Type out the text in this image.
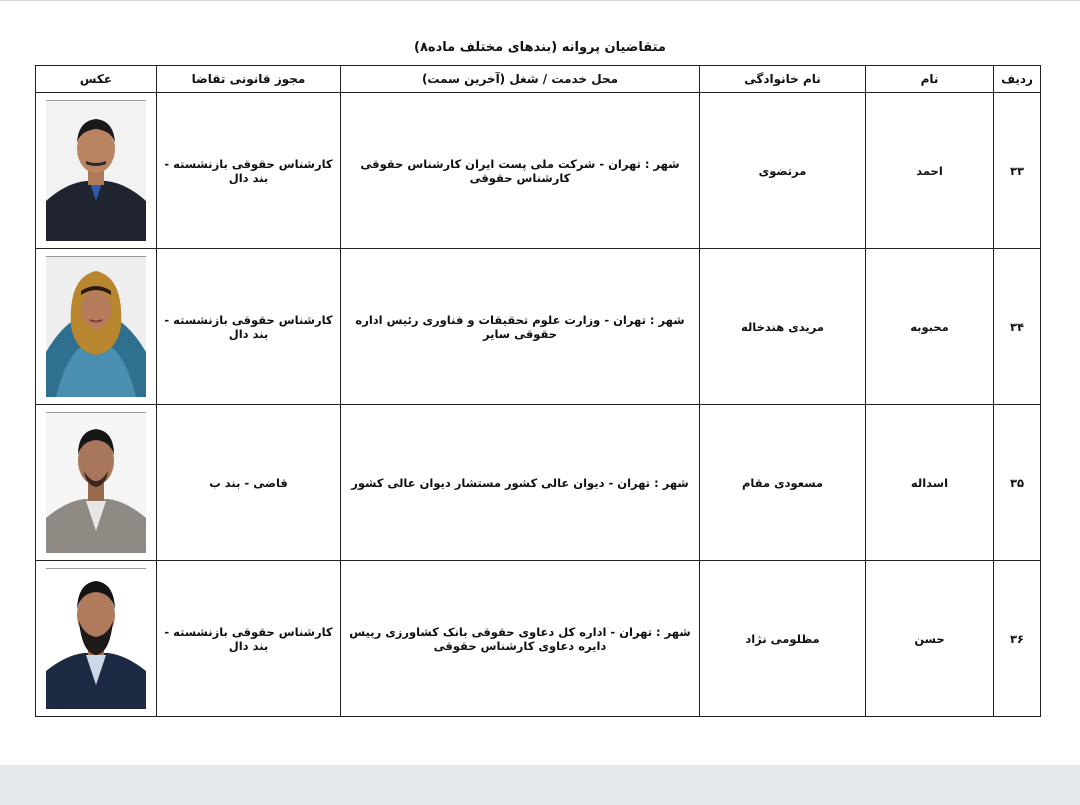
متقاضیان پروانه (بندهای مختلف ماده۸)
ردیف	نام	نام خانوادگی	محل خدمت / شغل (آخرین سمت)	مجوز قانونی تقاضا	عکس
۳۳	احمد	مرتضوی	شهر : تهران - شرکت ملی پست ایران کارشناس حقوقی کارشناس حقوقی	کارشناس حقوقی بازنشسته - بند دال	

۳۴	محبوبه	مریدی هندخاله	شهر : تهران - وزارت علوم تحقیقات و فناوری رئیس اداره حقوقی سایر	کارشناس حقوقی بازنشسته - بند دال	

۳۵	اسداله	مسعودی مقام	شهر : تهران - دیوان عالی کشور مستشار دیوان عالی کشور	قاضی - بند ب	

۳۶	حسن	مظلومی نژاد	شهر : تهران - اداره کل دعاوی حقوقی بانک کشاورزی رییس دایره دعاوی کارشناس حقوقی	کارشناس حقوقی بازنشسته - بند دال	
